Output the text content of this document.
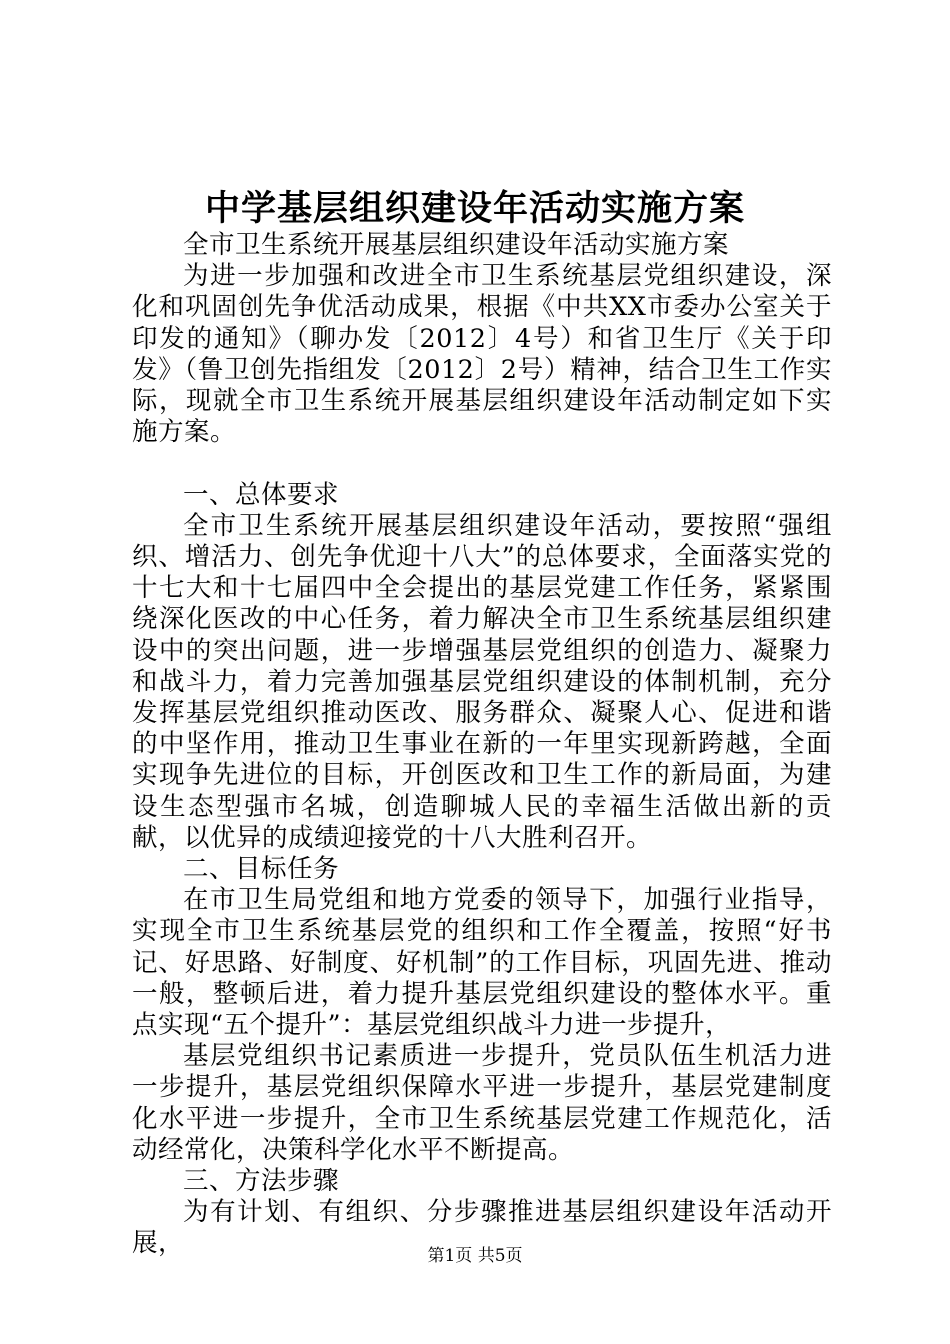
中学基层组织建设年活动实施方案

全市卫生系统开展基层组织建设年活动实施方案

为进一步加强和改进全市卫生系统基层党组织建设，深化和巩固创先争优活动成果，根据《中共XX市委办公室关于印发的通知》（聊办发〔2012〕4号）和省卫生厅《关于印发》（鲁卫创先指组发〔2012〕2号）精神，结合卫生工作实际，现就全市卫生系统开展基层组织建设年活动制定如下实施方案。

一、总体要求

全市卫生系统开展基层组织建设年活动，要按照“强组织、增活力、创先争优迎十八大”的总体要求，全面落实党的十七大和十七届四中全会提出的基层党建工作任务，紧紧围绕深化医改的中心任务，着力解决全市卫生系统基层组织建设中的突出问题，进一步增强基层党组织的创造力、凝聚力和战斗力，着力完善加强基层党组织建设的体制机制，充分发挥基层党组织推动医改、服务群众、凝聚人心、促进和谐的中坚作用，推动卫生事业在新的一年里实现新跨越，全面实现争先进位的目标，开创医改和卫生工作的新局面，为建设生态型强市名城，创造聊城人民的幸福生活做出新的贡献，以优异的成绩迎接党的十八大胜利召开。

二、目标任务

在市卫生局党组和地方党委的领导下，加强行业指导，实现全市卫生系统基层党的组织和工作全覆盖，按照“好书记、好思路、好制度、好机制”的工作目标，巩固先进、推动一般，整顿后进，着力提升基层党组织建设的整体水平。重点实现“五个提升”：基层党组织战斗力进一步提升，

基层党组织书记素质进一步提升，党员队伍生机活力进一步提升，基层党组织保障水平进一步提升，基层党建制度化水平进一步提升，全市卫生系统基层党建工作规范化，活动经常化，决策科学化水平不断提高。

三、方法步骤

为有计划、有组织、分步骤推进基层组织建设年活动开展，	第1页 共5页
